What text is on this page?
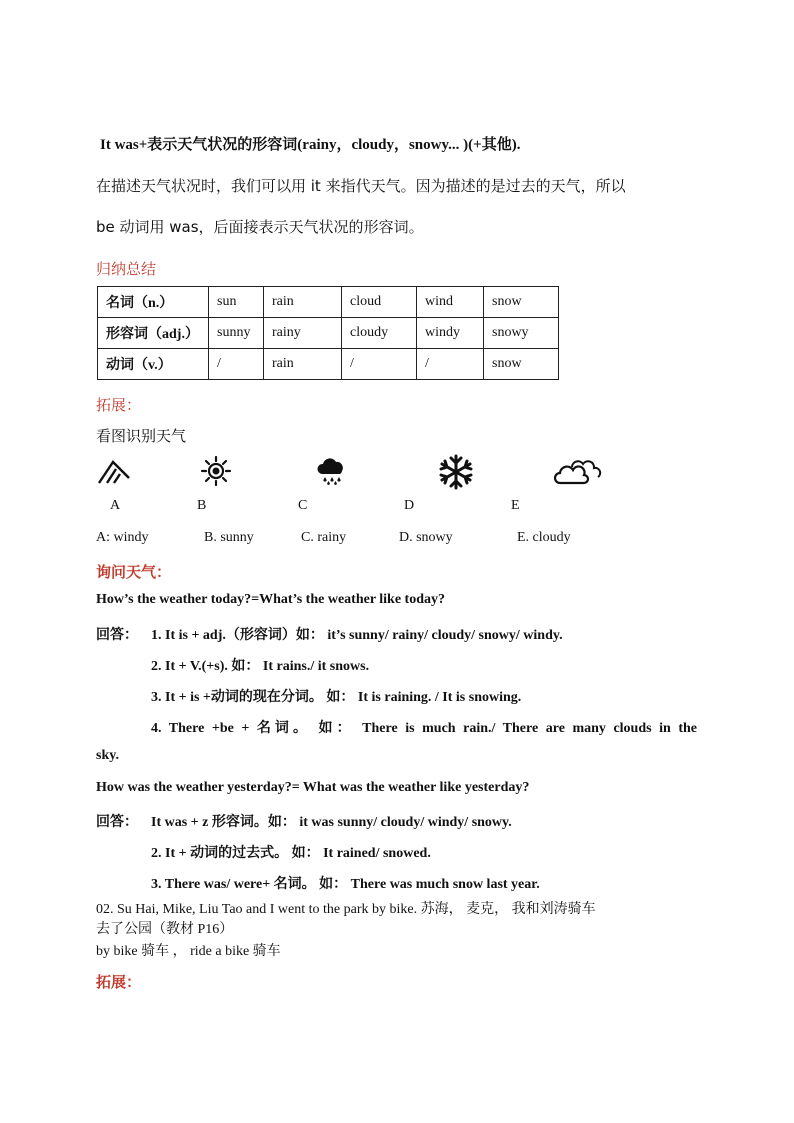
It was+表示天气状况的形容词(rainy，cloudy，snowy... )(+其他).
在描述天气状况时，我们可以用 it 来指代天气。因为描述的是过去的天气，所以
be 动词用 was，后面接表示天气状况的形容词。
归纳总结
名词（n.）	sun	rain	cloud	wind	snow
形容词（adj.）	sunny	rainy	cloudy	windy	snowy
动词（v.）	/	rain	/	/	snow
拓展：
看图识别天气
A	B	C	D	E
A: windy	B. sunny	C. rainy	D. snowy	E. cloudy
询问天气：
How’s the weather today?=What’s the weather like today?
回答： 1. It is + adj.（形容词）如： it’s sunny/ rainy/ cloudy/ snowy/ windy.
2. It + V.(+s). 如： It rains./ it snows.
3. It + is +动词的现在分词。 如： It is raining. / It is snowing.
4. There +be + 名词。 如： There is much rain./ There are many clouds in the
sky.
How was the weather yesterday?= What was the weather like yesterday?
回答： It was + z 形容词。如： it was sunny/ cloudy/ windy/ snowy.
2. It + 动词的过去式。 如： It rained/ snowed.
3. There was/ were+ 名词。 如： There was much snow last year.
02. Su Hai, Mike, Liu Tao and I went to the park by bike. 苏海， 麦克， 我和刘涛骑车
去了公园（教材 P16）
by bike 骑车 ， ride a bike 骑车
拓展：
